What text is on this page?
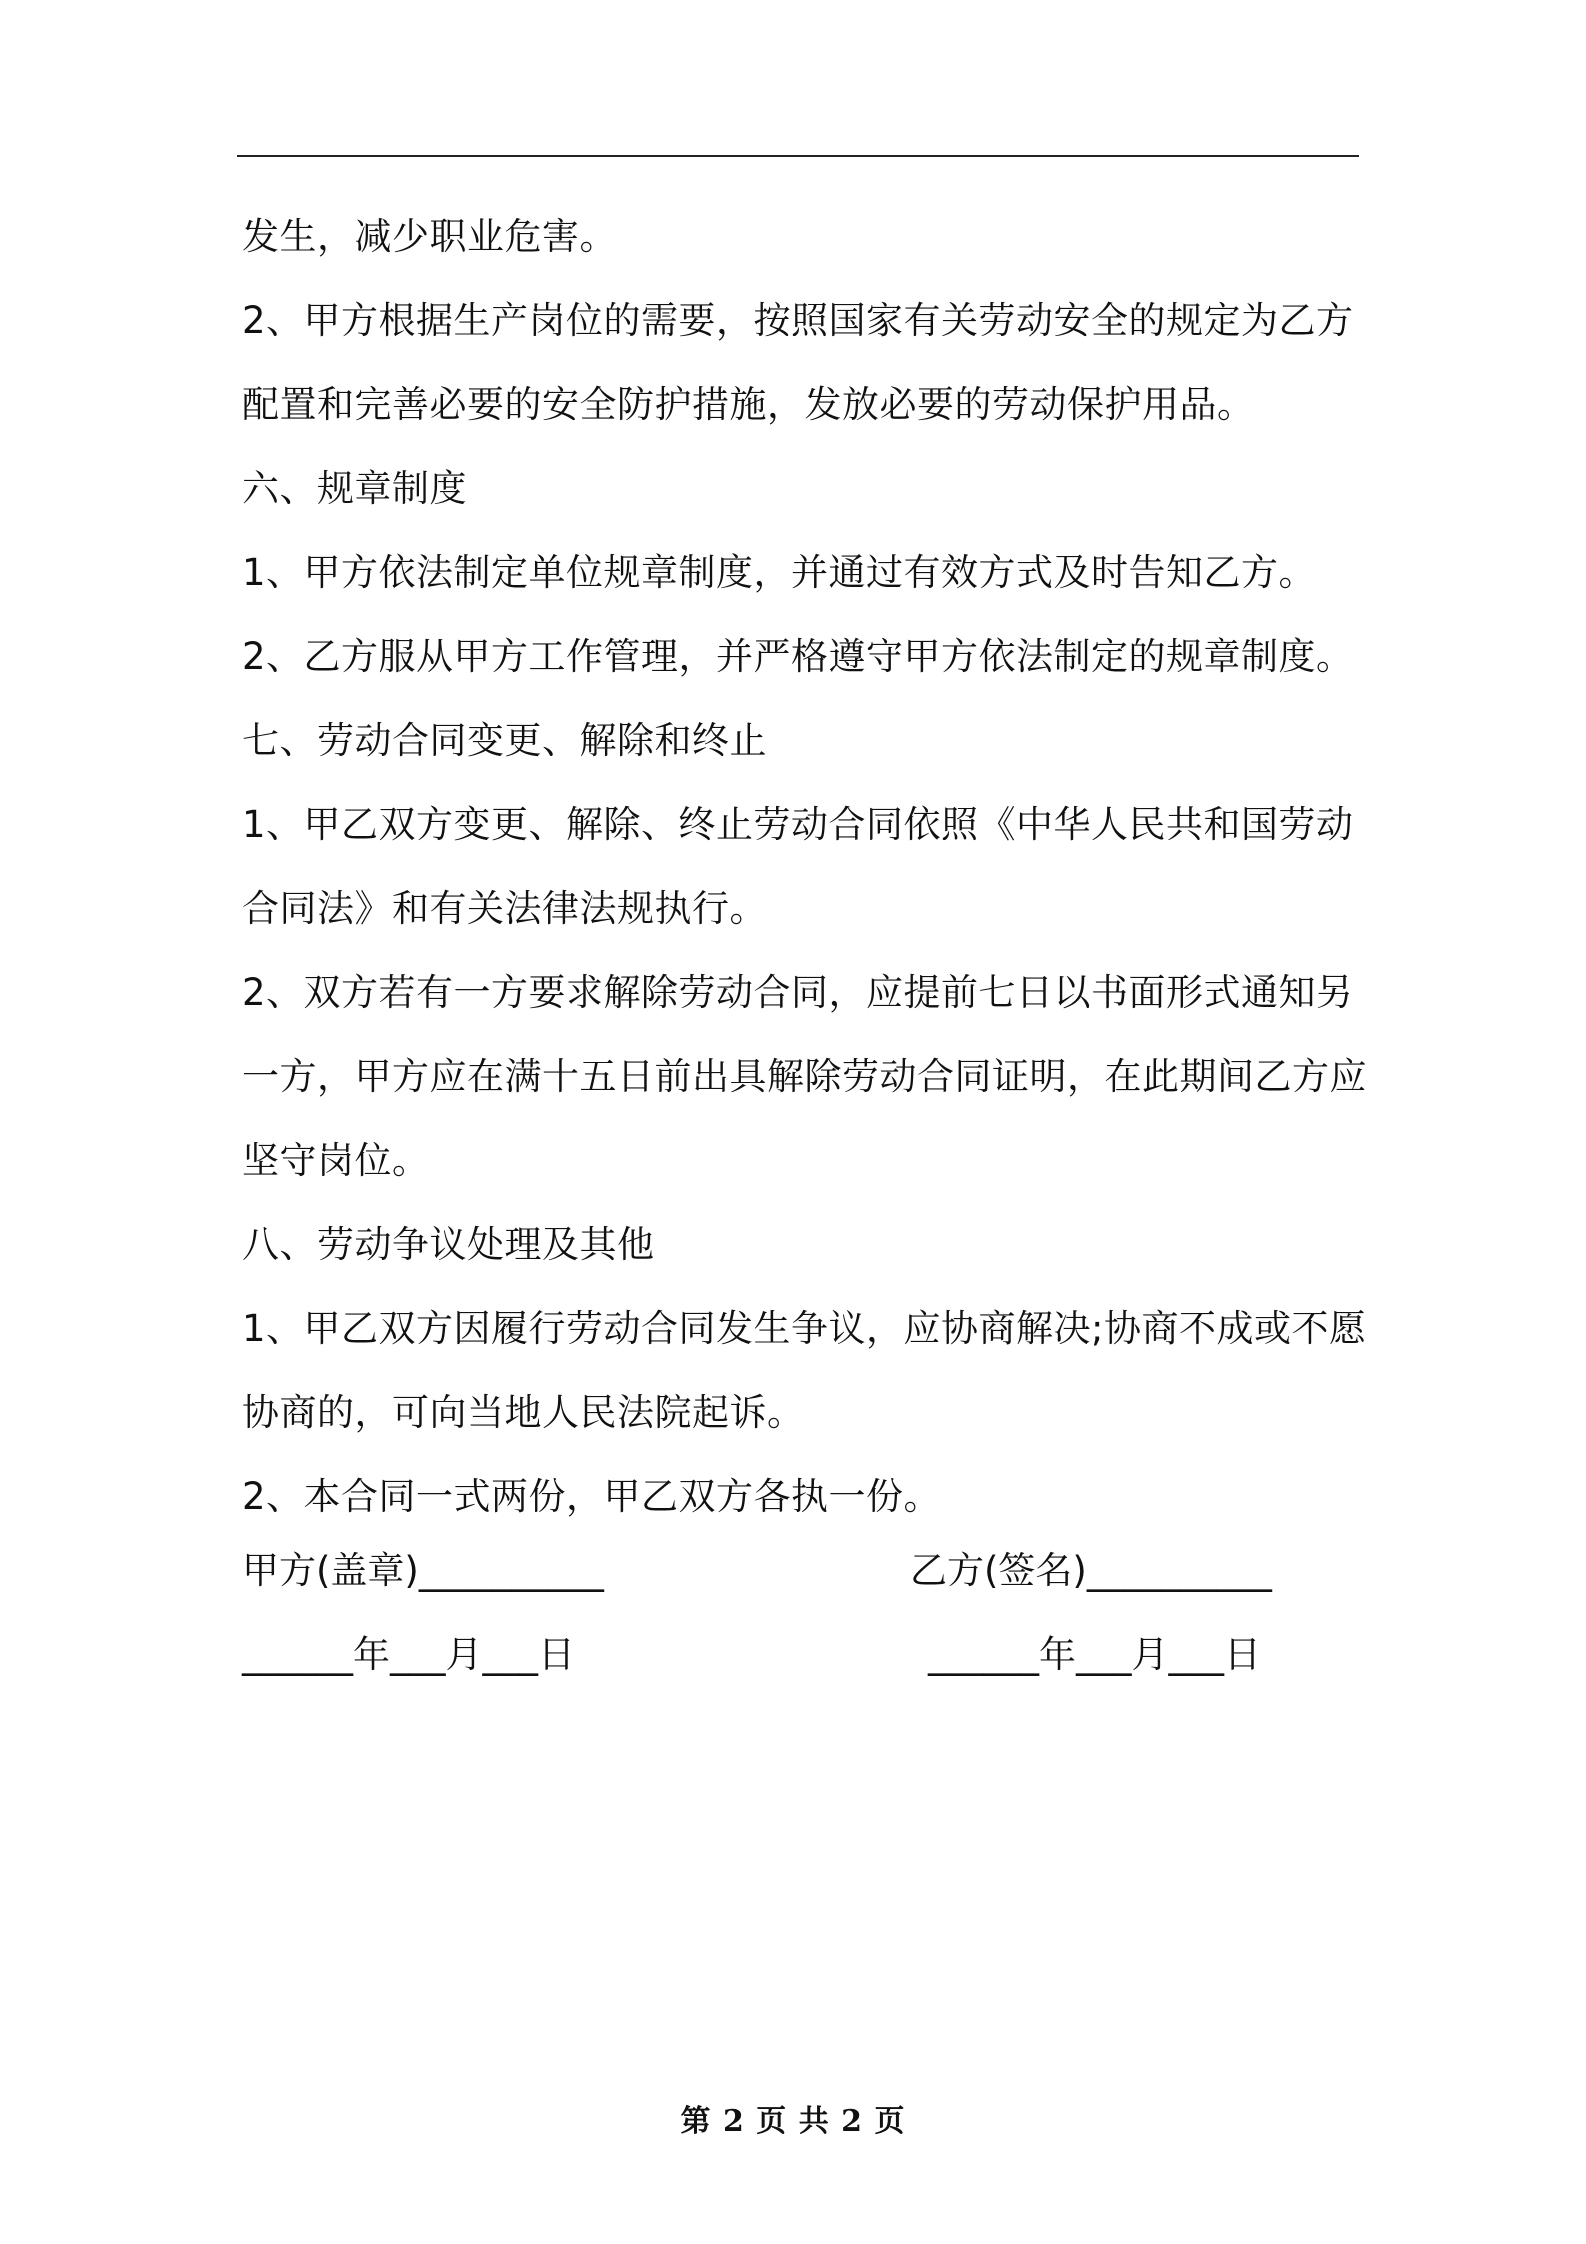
发生，减少职业危害。
2、甲方根据生产岗位的需要，按照国家有关劳动安全的规定为乙方
配置和完善必要的安全防护措施，发放必要的劳动保护用品。
六、规章制度
1、甲方依法制定单位规章制度，并通过有效方式及时告知乙方。
2、乙方服从甲方工作管理，并严格遵守甲方依法制定的规章制度。
七、劳动合同变更、解除和终止
1、甲乙双方变更、解除、终止劳动合同依照《中华人民共和国劳动
合同法》和有关法律法规执行。
2、双方若有一方要求解除劳动合同，应提前七日以书面形式通知另
一方，甲方应在满十五日前出具解除劳动合同证明，在此期间乙方应
坚守岗位。
八、劳动争议处理及其他
1、甲乙双方因履行劳动合同发生争议，应协商解决;协商不成或不愿
协商的，可向当地人民法院起诉。
2、本合同一式两份，甲乙双方各执一份。
甲方(盖章)__________	乙方(签名)__________
______年___月___日	______年___月___日
第 2 页 共 2 页
